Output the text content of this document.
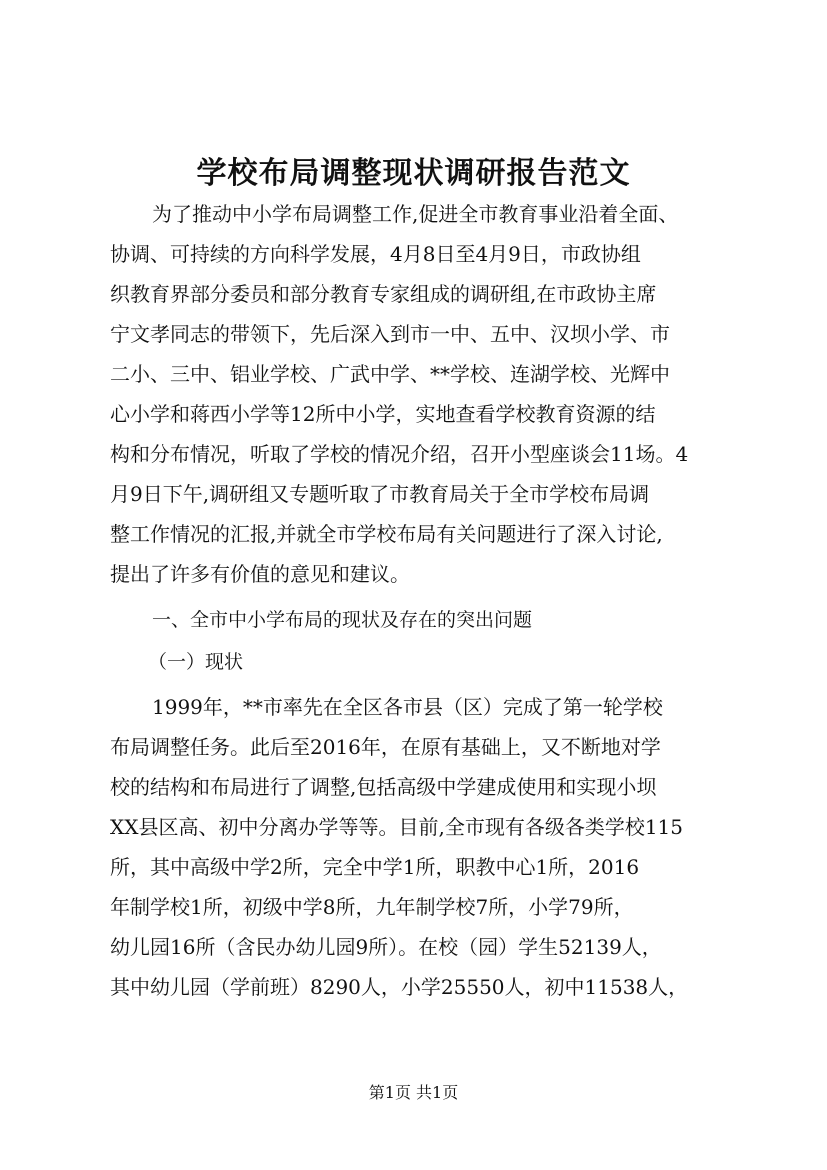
学校布局调整现状调研报告范文
为了推动中小学布局调整工作,促进全市教育事业沿着全面、
协调、可持续的方向科学发展，4月8日至4月9日，市政协组
织教育界部分委员和部分教育专家组成的调研组,在市政协主席
宁文孝同志的带领下，先后深入到市一中、五中、汉坝小学、市
二小、三中、铝业学校、广武中学、**学校、连湖学校、光辉中
心小学和蒋西小学等12所中小学，实地查看学校教育资源的结
构和分布情况，听取了学校的情况介绍，召开小型座谈会11场。4
月9日下午,调研组又专题听取了市教育局关于全市学校布局调
整工作情况的汇报,并就全市学校布局有关问题进行了深入讨论,
提出了许多有价值的意见和建议。
一、全市中小学布局的现状及存在的突出问题
（一）现状
1999年，**市率先在全区各市县（区）完成了第一轮学校
布局调整任务。此后至2016年，在原有基础上，又不断地对学
校的结构和布局进行了调整,包括高级中学建成使用和实现小坝
XX县区高、初中分离办学等等。目前,全市现有各级各类学校115
所，其中高级中学2所，完全中学1所，职教中心1所，2016
年制学校1所，初级中学8所，九年制学校7所，小学79所，
幼儿园16所（含民办幼儿园9所）。在校（园）学生52139人，
其中幼儿园（学前班）8290人，小学25550人，初中11538人，
第1页 共1页
